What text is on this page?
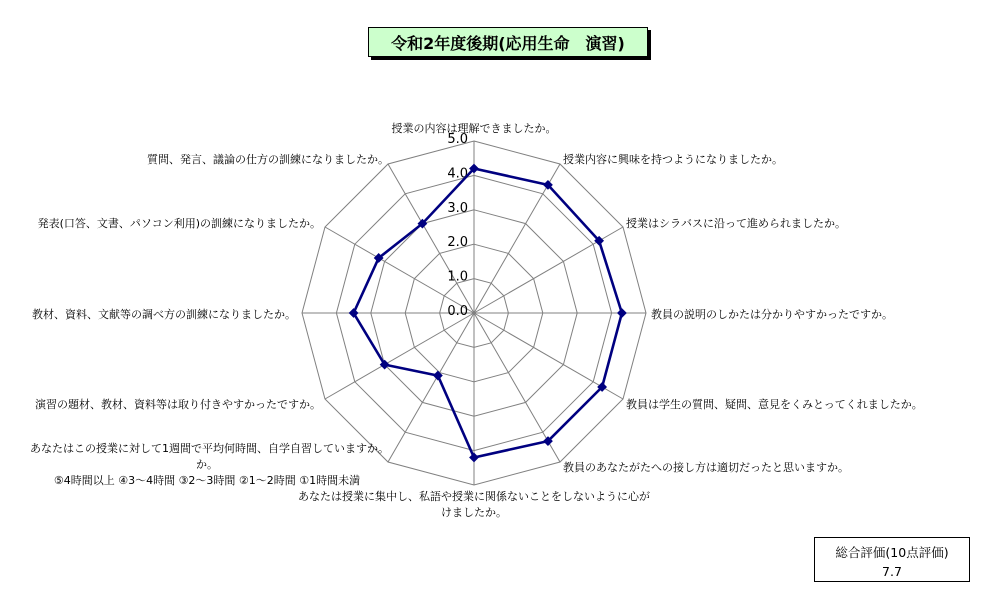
令和2年度後期(応用生命　演習)
0.0
1.0
2.0
3.0
4.0
5.0
授業の内容は理解できましたか。
授業内容に興味を持つようになりましたか。
授業はシラバスに沿って進められましたか。
教員の説明のしかたは分かりやすかったですか。
教員は学生の質問、疑問、意見をくみとってくれましたか。
教員のあなたがたへの接し方は適切だったと思いますか。
あなたは授業に集中し、私語や授業に関係ないことをしないように心が
けましたか。
あなたはこの授業に対して1週間で平均何時間、自学自習していますか。
か。
⑤4時間以上 ④3～4時間 ③2～3時間 ②1～2時間 ①1時間未満
演習の題材、教材、資料等は取り付きやすかったですか。
教材、資料、文献等の調べ方の訓練になりましたか。
発表(口答、文書、パソコン利用)の訓練になりましたか。
質問、発言、議論の仕方の訓練になりましたか。
総合評価(10点評価)
7.7
